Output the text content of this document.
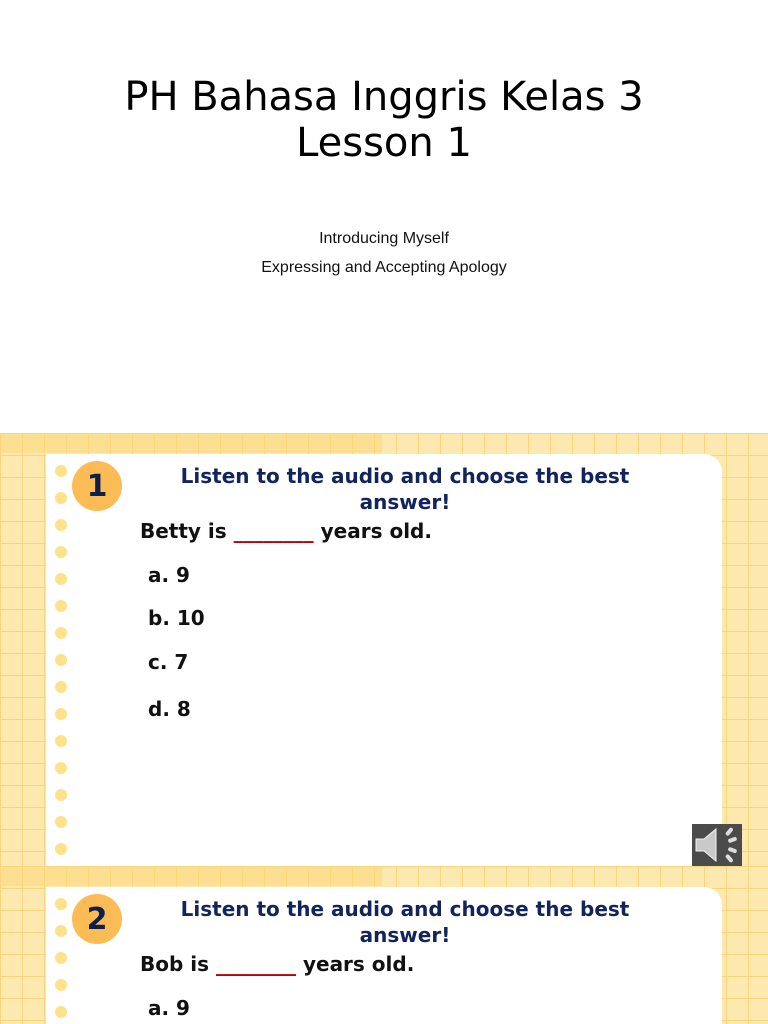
PH Bahasa Inggris Kelas 3
Lesson 1
Introducing Myself
Expressing and Accepting Apology
1	Listen to the audio and choose the best
answer!
Betty is ________ years old.
a. 9
b. 10
c. 7
d. 8
2	Listen to the audio and choose the best
answer!
Bob is ________ years old.
a. 9
